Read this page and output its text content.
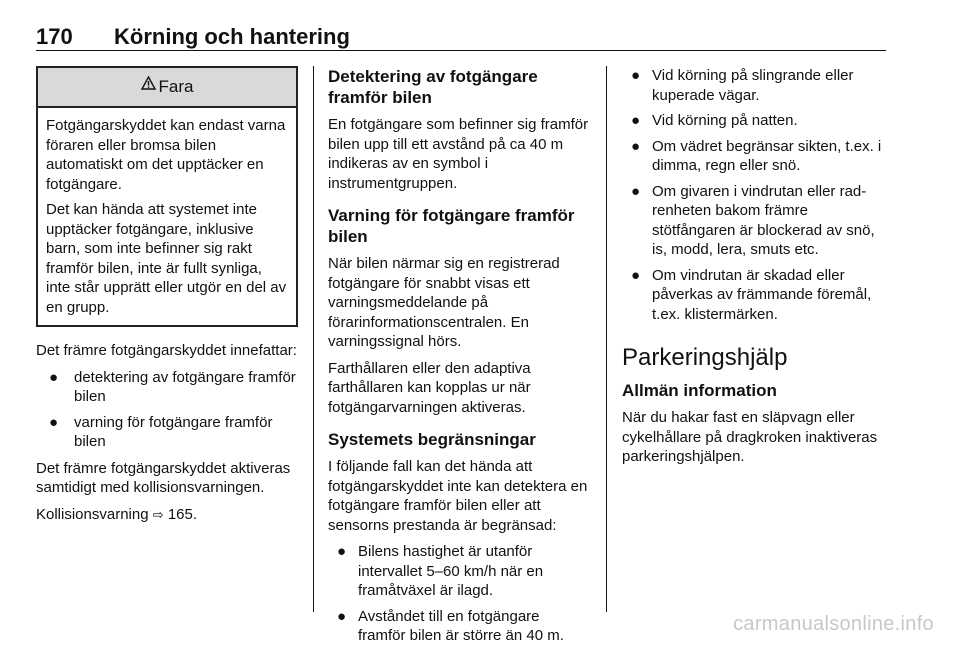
170 Körning och hantering
Fara

Fotgängarskyddet kan endast varna föraren eller bromsa bilen automatiskt om det upptäcker en fotgängare.

Det kan hända att systemet inte upptäcker fotgängare, inklusive barn, som inte befinner sig rakt framför bilen, inte är fullt synliga, inte står upprätt eller utgör en del av en grupp.

Det främre fotgängarskyddet innefattar:

● detektering av fotgängare framför bilen
● varning för fotgängare framför bilen

Det främre fotgängarskyddet aktiveras samtidigt med kollisionsvarningen.

Kollisionsvarning ⇨ 165.

Detektering av fotgängare framför bilen

En fotgängare som befinner sig framför bilen upp till ett avstånd på ca 40 m indikeras av en symbol i instrumentgruppen.

Varning för fotgängare framför bilen

När bilen närmar sig en registrerad fotgängare för snabbt visas ett varningsmeddelande på förarinformationscentralen. En varningssignal hörs.

Farthållaren eller den adaptiva farthållaren kan kopplas ur när fotgängarvarningen aktiveras.

Systemets begränsningar

I följande fall kan det hända att fotgängarskyddet inte kan detektera en fotgängare framför bilen eller att sensorns prestanda är begränsad:

● Bilens hastighet är utanför intervallet 5–60 km/h när en framåtväxel är ilagd.
● Avståndet till en fotgängare framför bilen är större än 40 m.
● Vid körning på slingrande eller kuperade vägar.
● Vid körning på natten.
● Om vädret begränsar sikten, t.ex. i dimma, regn eller snö.
● Om givaren i vindrutan eller radrenheten bakom främre stötfångaren är blockerad av snö, is, modd, lera, smuts etc.
● Om vindrutan är skadad eller påverkas av främmande föremål, t.ex. klistermärken.
Parkeringshjälp
Allmän information

När du hakar fast en släpvagn eller cykelhållare på dragkroken inaktiveras parkeringshjälpen.

carmanualsonline.info
